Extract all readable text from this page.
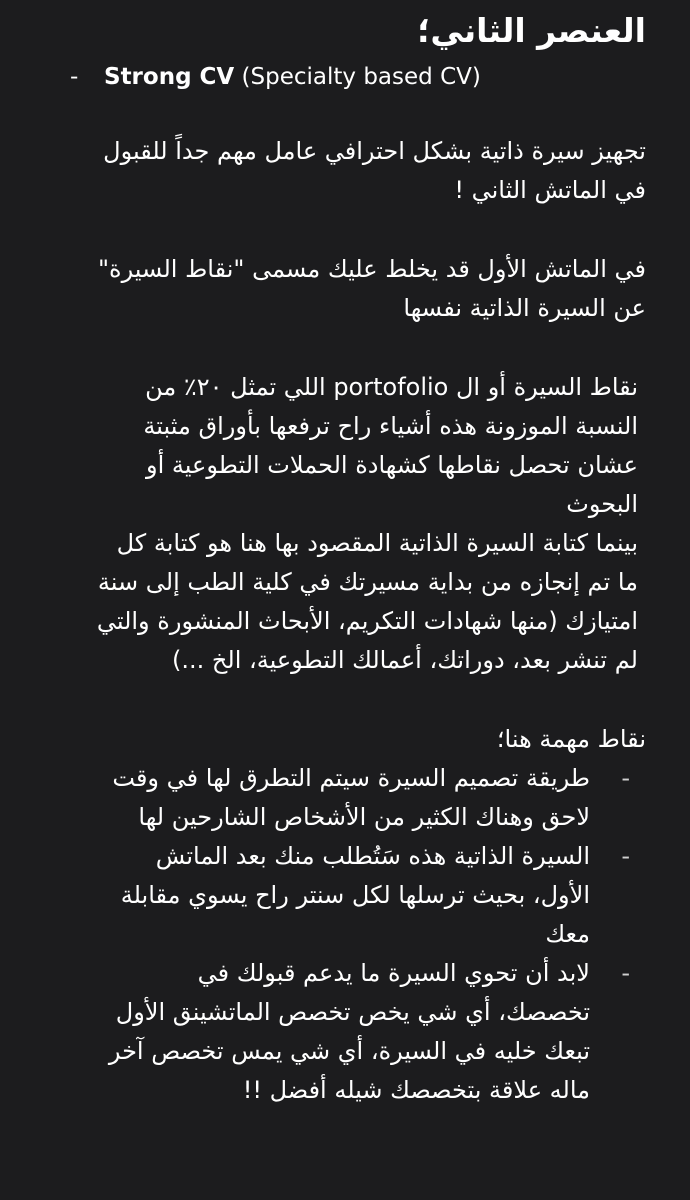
العنصر الثاني؛
- Strong CV (Specialty based CV)

تجهيز سيرة ذاتية بشكل احترافي عامل مهم جداً للقبول
في الماتش الثاني !

في الماتش الأول قد يخلط عليك مسمى "نقاط السيرة"
عن السيرة الذاتية نفسها

نقاط السيرة أو ال portofolio اللي تمثل ٢٠٪ من
النسبة الموزونة هذه أشياء راح ترفعها بأوراق مثبتة
عشان تحصل نقاطها كشهادة الحملات التطوعية أو
البحوث

بينما كتابة السيرة الذاتية المقصود بها هنا هو كتابة كل
ما تم إنجازه من بداية مسيرتك في كلية الطب إلى سنة
امتيازك (منها شهادات التكريم، الأبحاث المنشورة والتي
لم تنشر بعد، دوراتك، أعمالك التطوعية، الخ ...)

نقاط مهمة هنا؛

-
طريقة تصميم السيرة سيتم التطرق لها في وقت
لاحق وهناك الكثير من الأشخاص الشارحين لها
-
السيرة الذاتية هذه سَتُطلب منك بعد الماتش
الأول، بحيث ترسلها لكل سنتر راح يسوي مقابلة
معك
-
لابد أن تحوي السيرة ما يدعم قبولك في
تخصصك، أي شي يخص تخصص الماتشينق الأول
تبعك خليه في السيرة، أي شي يمس تخصص آخر
ماله علاقة بتخصصك شيله أفضل !!
